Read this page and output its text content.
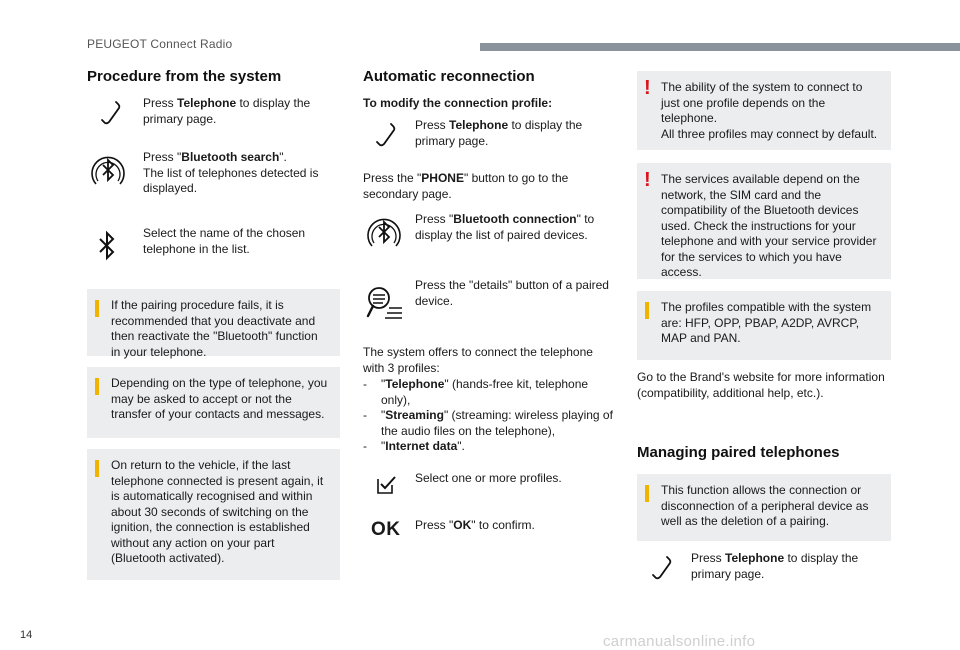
PEUGEOT Connect Radio
Procedure from the system
Press Telephone to display the primary page.
Press "Bluetooth search".
The list of telephones detected is displayed.
Select the name of the chosen telephone in the list.
If the pairing procedure fails, it is recommended that you deactivate and then reactivate the "Bluetooth" function in your telephone.
Depending on the type of telephone, you may be asked to accept or not the transfer of your contacts and messages.
On return to the vehicle, if the last telephone connected is present again, it is automatically recognised and within about 30 seconds of switching on the ignition, the connection is established without any action on your part (Bluetooth activated).
Automatic reconnection
To modify the connection profile:
Press Telephone to display the primary page.
Press the "PHONE" button to go to the secondary page.
Press "Bluetooth connection" to display the list of paired devices.
Press the "details" button of a paired device.
The system offers to connect the telephone with 3 profiles:
- "Telephone" (hands-free kit, telephone only),
- "Streaming" (streaming: wireless playing of the audio files on the telephone),
- "Internet data".
Select one or more profiles.
OK Press "OK" to confirm.
! The ability of the system to connect to just one profile depends on the telephone.
All three profiles may connect by default.
! The services available depend on the network, the SIM card and the compatibility of the Bluetooth devices used. Check the instructions for your telephone and with your service provider for the services to which you have access.
The profiles compatible with the system are: HFP, OPP, PBAP, A2DP, AVRCP, MAP and PAN.
Go to the Brand's website for more information (compatibility, additional help, etc.).
Managing paired telephones
This function allows the connection or disconnection of a peripheral device as well as the deletion of a pairing.
Press Telephone to display the primary page.
14	carmanualsonline.info
